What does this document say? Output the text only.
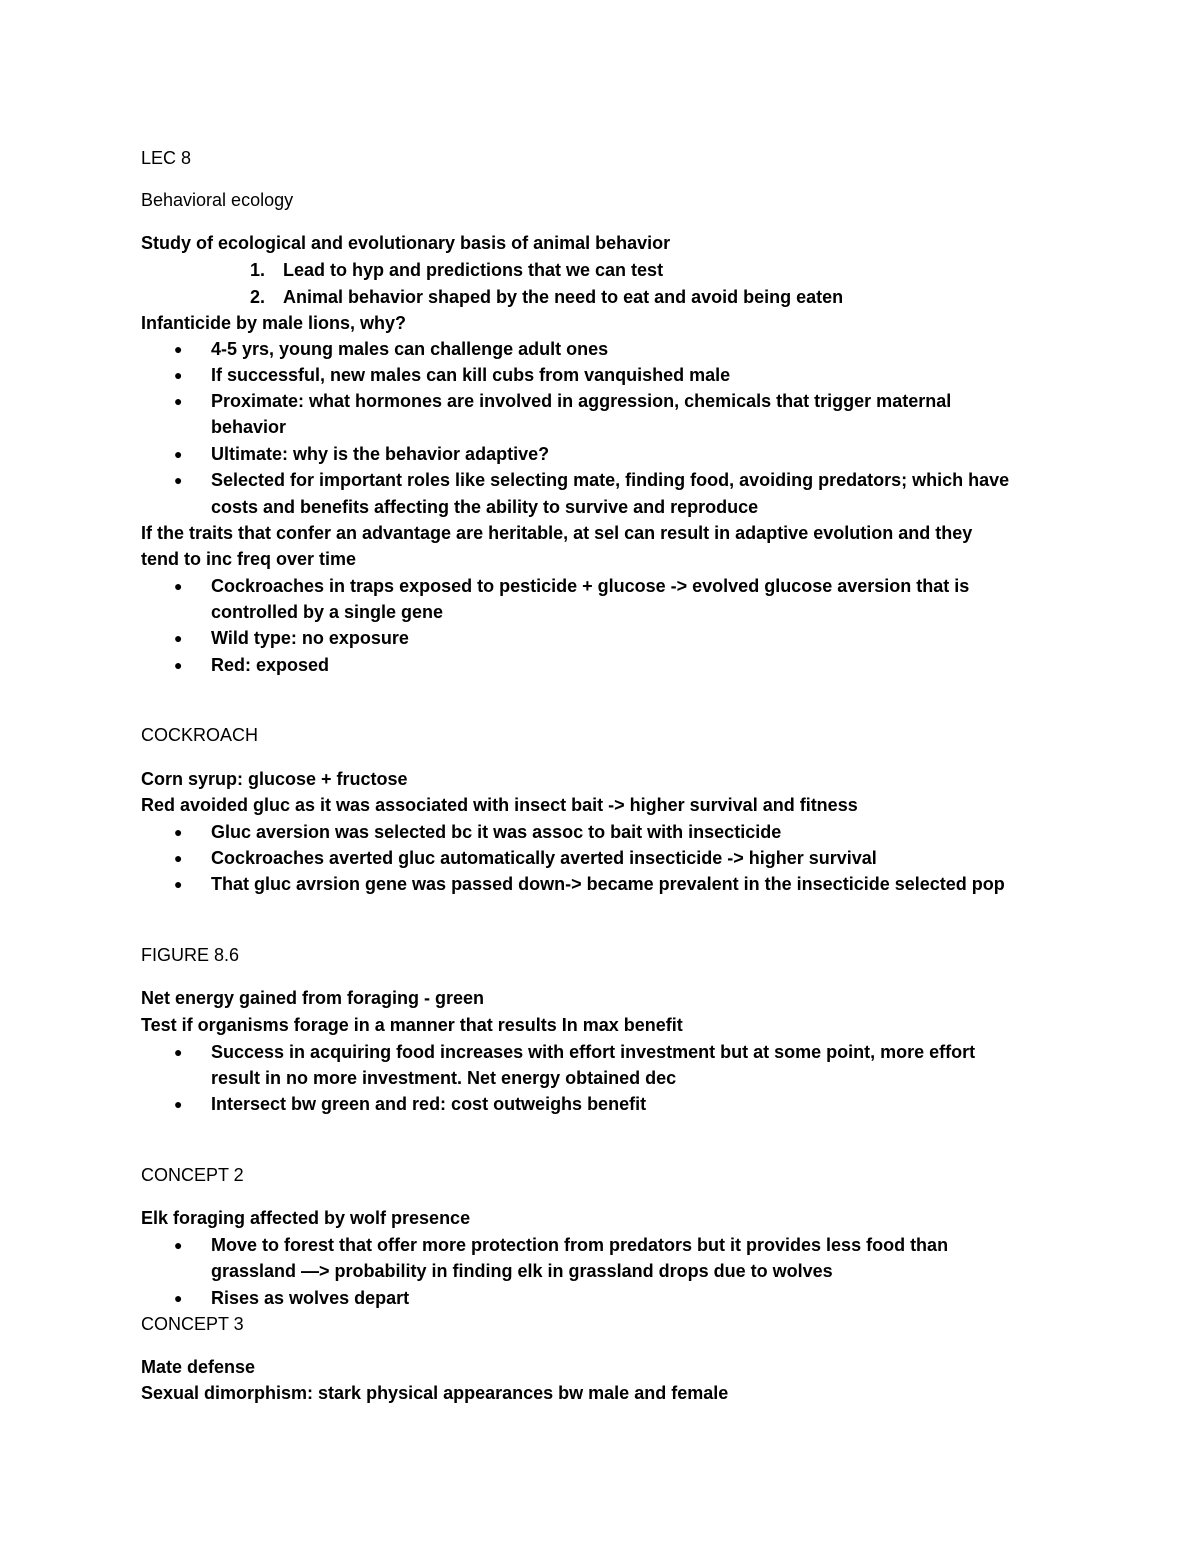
LEC 8
Behavioral ecology
Study of ecological and evolutionary basis of animal behavior
1. Lead to hyp and predictions that we can test
2. Animal behavior shaped by the need to eat and avoid being eaten
Infanticide by male lions, why?
● 4-5 yrs, young males can challenge adult ones
● If successful, new males can kill cubs from vanquished male
● Proximate: what hormones are involved in aggression, chemicals that trigger maternal
behavior
● Ultimate: why is the behavior adaptive?
● Selected for important roles like selecting mate, finding food, avoiding predators; which have
costs and benefits affecting the ability to survive and reproduce
If the traits that confer an advantage are heritable, at sel can result in adaptive evolution and they
tend to inc freq over time
● Cockroaches in traps exposed to pesticide + glucose -> evolved glucose aversion that is
controlled by a single gene
● Wild type: no exposure
● Red: exposed
COCKROACH
Corn syrup: glucose + fructose
Red avoided gluc as it was associated with insect bait -> higher survival and fitness
● Gluc aversion was selected bc it was assoc to bait with insecticide
● Cockroaches averted gluc automatically averted insecticide -> higher survival
● That gluc avrsion gene was passed down-> became prevalent in the insecticide selected pop
FIGURE 8.6
Net energy gained from foraging - green
Test if organisms forage in a manner that results In max benefit
● Success in acquiring food increases with effort investment but at some point, more effort
result in no more investment. Net energy obtained dec
● Intersect bw green and red: cost outweighs benefit
CONCEPT 2
Elk foraging affected by wolf presence
● Move to forest that offer more protection from predators but it provides less food than
grassland —> probability in finding elk in grassland drops due to wolves
● Rises as wolves depart
CONCEPT 3
Mate defense
Sexual dimorphism: stark physical appearances bw male and female
